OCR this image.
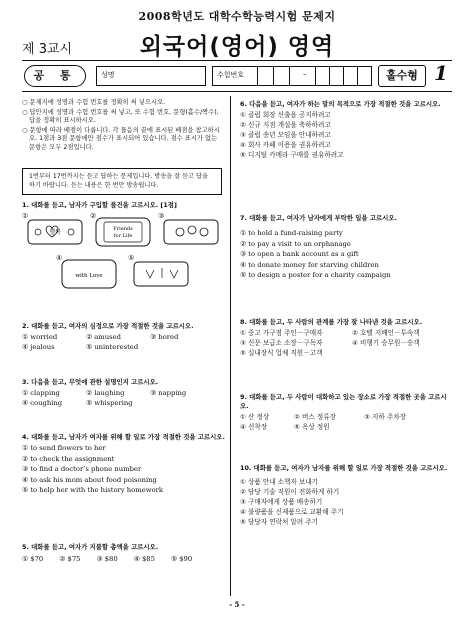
2008학년도 대학수학능력시험 문제지
제 3교시	외국어(영어) 영역
공 통	성명	수험번호	–	홀수형 1

○ 문제지에 성명과 수험 번호를 정확히 써 넣으시오.

○ 답안지에 성명과 수험 번호를 써 넣고, 또 수험 번호, 문형(홀수/짝수), 답을 정확히 표시하시오.

○ 문항에 따라 배점이 다릅니다. 각 물음의 끝에 표시된 배점을 참고하시오. 1점과 3점 문항에만 점수가 표시되어 있습니다. 점수 표시가 없는 문항은 모두 2점입니다.

1번부터 17번까지는 듣고 답하는 문제입니다. 방송을 잘 듣고 답을 하기 바랍니다. 듣는 내용은 한 번만 방송됩니다.
1. 대화를 듣고, 남자가 구입할 물건을 고르시오. [1점]
행복
①
Friends
for Life
②	③
with Love
④	⑤
2. 대화를 듣고, 여자의 심정으로 가장 적절한 것을 고르시오.
① worried	② amused	③ bored
④ jealous	⑤ uninterested
3. 다음을 듣고, 무엇에 관한 설명인지 고르시오.
① clapping	② laughing	③ napping
④ coughing	⑤ whispering
4. 대화를 듣고, 남자가 여자를 위해 할 일로 가장 적절한 것을 고르시오.
① to send flowers to her
② to check the assignment
③ to find a doctor’s phone number
④ to ask his mom about food poisoning
⑤ to help her with the history homework
5. 대화를 듣고, 여자가 지불할 총액을 고르시오.
① $70 ② $75 ③ $80 ④ $85 ⑤ $90
6. 다음을 듣고, 여자가 하는 말의 목적으로 가장 적절한 것을 고르시오.
① 클럽 회장 선출을 공지하려고
② 신규 지점 개설을 축하하려고
③ 클럽 송년 모임을 안내하려고
④ 회사 카페 이용을 권유하려고
⑤ 디지털 카메라 구매를 권유하려고
7. 대화를 듣고, 여자가 남자에게 부탁한 일을 고르시오.
① to hold a fund-raising party
② to pay a visit to an orphanage
③ to open a bank account as a gift
④ to donate money for starving children
⑤ to design a poster for a charity campaign
8. 대화를 듣고, 두 사람의 관계를 가장 잘 나타낸 것을 고르시오.
① 중고 가구점 주인－구매자	② 호텔 지배인－투숙객
③ 신문 보급소 소장－구독자	④ 비행기 승무원－승객
⑤ 실내장식 업체 직원－고객
9. 대화를 듣고, 두 사람이 대화하고 있는 장소로 가장 적절한 곳을 고르시오.
① 산 정상	② 버스 정류장	③ 지하 주차장
④ 선착장	⑤ 옥상 정원
10. 대화를 듣고, 여자가 남자를 위해 할 일로 가장 적절한 것을 고르시오.
① 상품 안내 소책자 보내기
② 담당 기술 직원이 전화하게 하기
③ 구매자에게 상품 배송하기
④ 불량품을 신제품으로 교환해 주기
⑤ 담당자 연락처 알려 주기
- 5 -
